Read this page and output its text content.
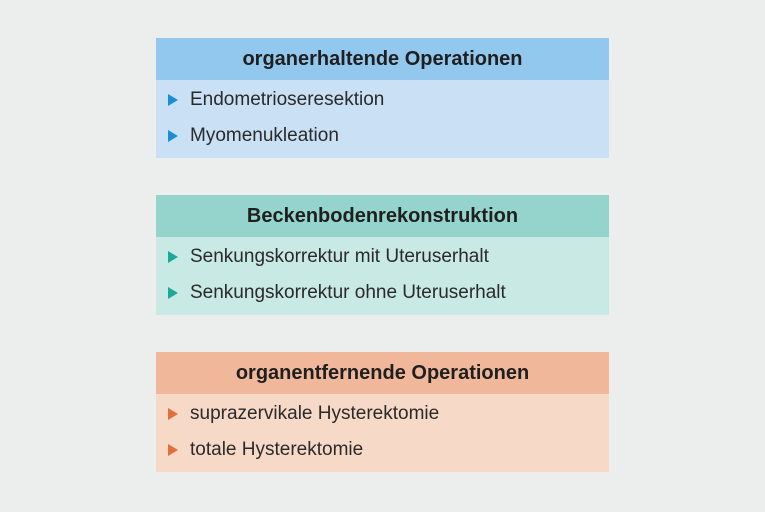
organerhaltende Operationen
Endometrioseresektion
Myomenukleation
Beckenbodenrekonstruktion
Senkungskorrektur mit Uteruserhalt
Senkungskorrektur ohne Uteruserhalt
organentfernende Operationen
suprazervikale Hysterektomie
totale Hysterektomie
